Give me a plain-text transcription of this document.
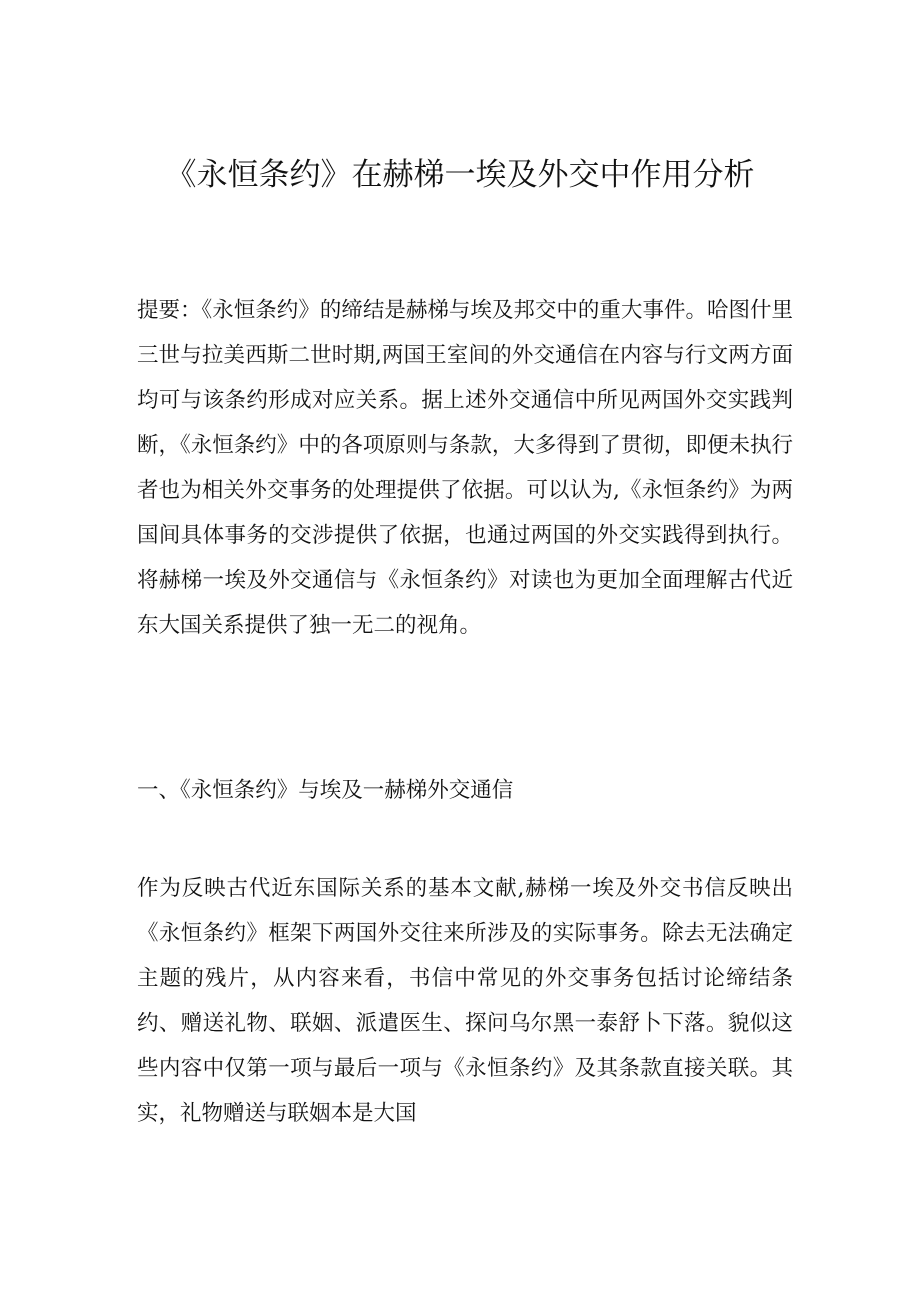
《永恒条约》在赫梯一埃及外交中作用分析

提要：《永恒条约》的缔结是赫梯与埃及邦交中的重大事件。哈图什里三世与拉美西斯二世时期,两国王室间的外交通信在内容与行文两方面均可与该条约形成对应关系。据上述外交通信中所见两国外交实践判断，《永恒条约》中的各项原则与条款，大多得到了贯彻，即便未执行者也为相关外交事务的处理提供了依据。可以认为,《永恒条约》为两国间具体事务的交涉提供了依据，也通过两国的外交实践得到执行。将赫梯一埃及外交通信与《永恒条约》对读也为更加全面理解古代近东大国关系提供了独一无二的视角。

一、《永恒条约》与埃及一赫梯外交通信

作为反映古代近东国际关系的基本文献,赫梯一埃及外交书信反映出《永恒条约》框架下两国外交往来所涉及的实际事务。除去无法确定主题的残片，从内容来看，书信中常见的外交事务包括讨论缔结条约、赠送礼物、联姻、派遣医生、探问乌尔黑一泰舒卜下落。貌似这些内容中仅第一项与最后一项与《永恒条约》及其条款直接关联。其实，礼物赠送与联姻本是大国
